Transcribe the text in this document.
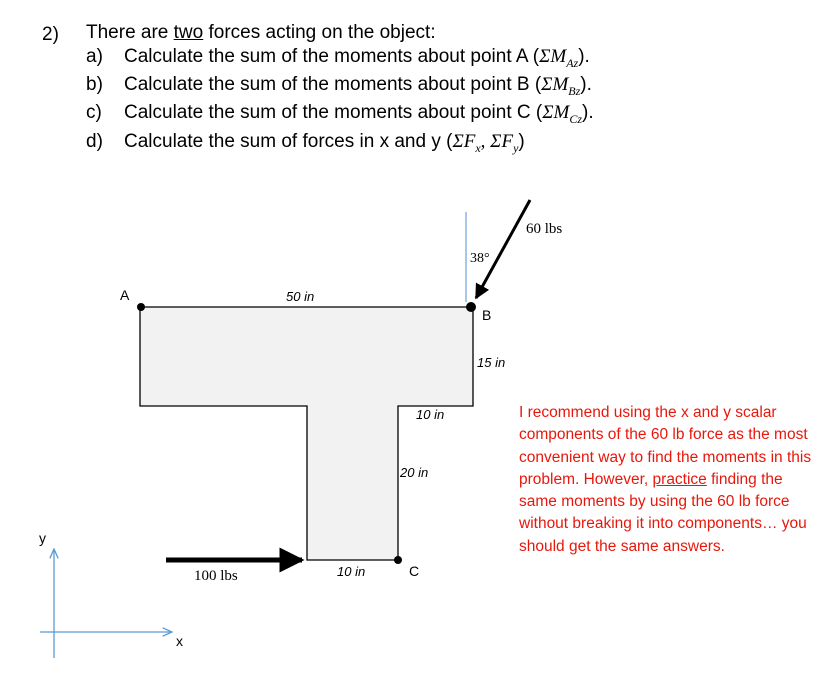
2) There are two forces acting on the object:
a) Calculate the sum of the moments about point A $(\Sigma M_{Az})$.
b) Calculate the sum of the moments about point B $(\Sigma M_{Bz})$.
c) Calculate the sum of the moments about point C $(\Sigma M_{Cz})$.
d) Calculate the sum of forces in x and y ($\Sigma F_x$, $\Sigma F_y$)
A
B
C
50 in
15 in
10 in
20 in
10 in
60 lbs
38°
100 lbs
y
x
I recommend using the x and y scalar components of the 60 lb force as the most convenient way to find the moments in this problem. However, practice finding the same moments by using the 60 lb force without breaking it into components… you should get the same answers.
